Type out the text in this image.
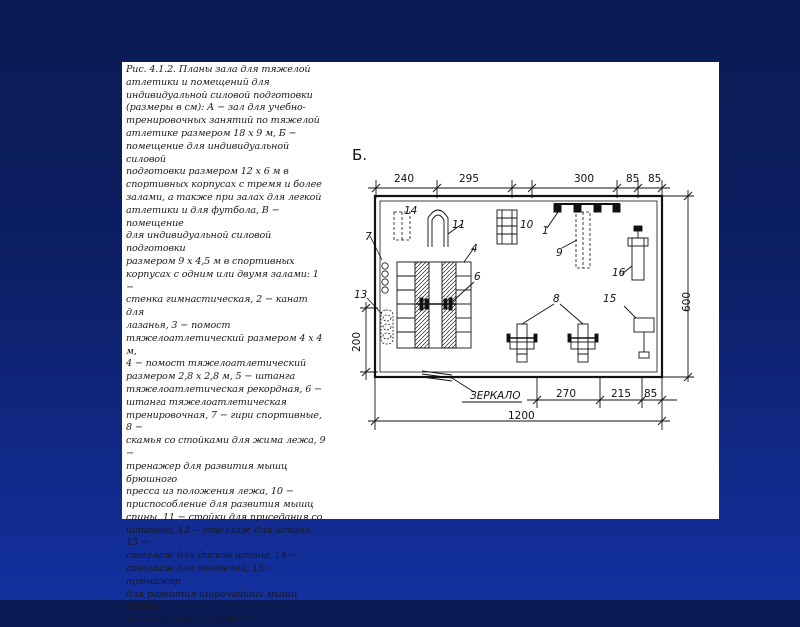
Рис. 4.1.2. Планы зала для тяжелой
атлетики и помещений для
индивидуальной силовой подготовки
(размеры в см): А − зал для учебно-
тренировочных занятий по тяжелой
атлетике размером 18 х 9 м, Б −
помещение для индивидуальной силовой
подготовки размером 12 х 6 м в
спортивных корпусах с тремя и более
залами, а также при залах для легкой
атлетики и для футбола, В − помещение
для индивидуальной силовой подготовки
размером 9 х 4,5 м в спортивных
корпусах с одним или двумя залами: 1 −
стенка гимнастическая, 2 − канат для
лазанья, 3 − помост
тяжелоатлетический размером 4 х 4 м,
4 − помост тяжелоатлетический
размером 2,8 х 2,8 м, 5 − штанга
тяжелоатлетическая рекордная, 6 −
штанга тяжелоатлетическая
тренировочная, 7 − гири спортивные, 8 −
скамья со стойками для жима лежа, 9 −
тренажер для развития мышц брюшного
пресса из положения лежа, 10 −
приспособление для развития мышц
спины, 11 − стойки для приседания со
штангой, 12 − стеллаж для штанг, 13 −
стеллаж для дисков штанг, 14 −
стеллаж для гантелей, 15 − тренажер
для развития широчайших мышц спины,
16 − тренажер "гребля"
Б.
240	295	300	85 85
600
200
14
11	10 1
9
16
7
13
4
6
8	15
ЗЕРКАЛО	270	215 85
1200
